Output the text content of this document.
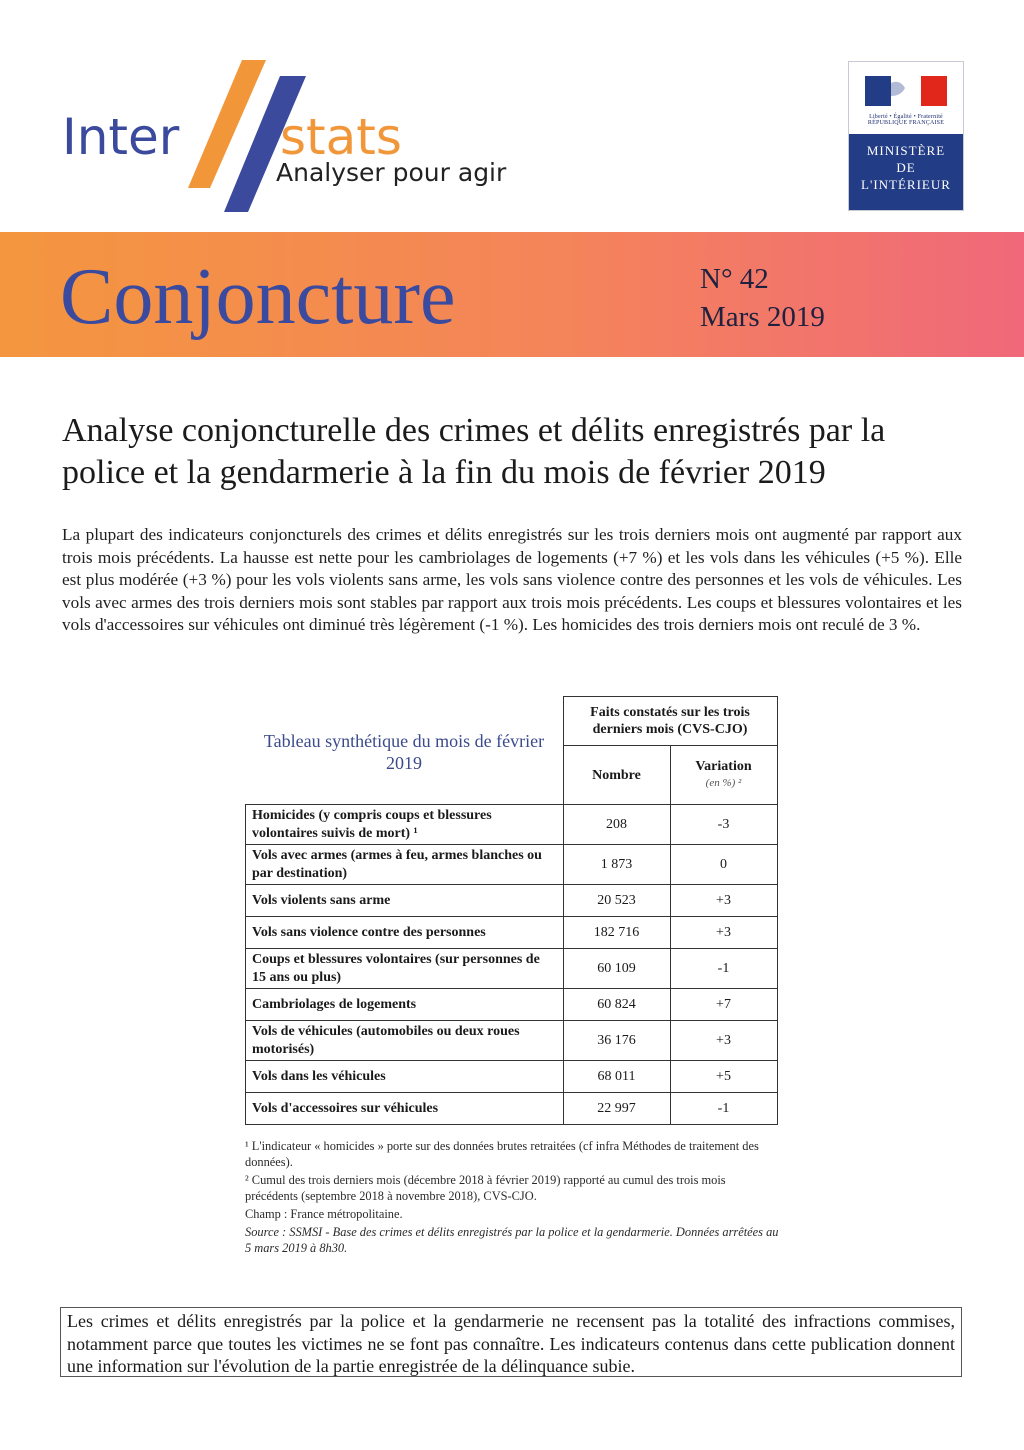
Inter stats
Analyser pour agir
Liberté • Égalité • Fraternité
RÉPUBLIQUE FRANÇAISE
MINISTÈRE
DE
L'INTÉRIEUR
Conjoncture	N° 42
Mars 2019
Analyse conjoncturelle des crimes et délits enregistrés par la police et la gendarmerie à la fin du mois de février 2019
La plupart des indicateurs conjoncturels des crimes et délits enregistrés sur les trois derniers mois ont augmenté par rapport aux trois mois précédents. La hausse est nette pour les cambriolages de logements (+7 %) et les vols dans les véhicules (+5 %). Elle est plus modérée (+3 %) pour les vols violents sans arme, les vols sans violence contre des personnes et les vols de véhicules. Les vols avec armes des trois derniers mois sont stables par rapport aux trois mois précédents. Les coups et blessures volontaires et les vols d'accessoires sur véhicules ont diminué très légèrement (-1 %). Les homicides des trois derniers mois ont reculé de 3 %.
Tableau synthétique du mois de février 2019
	Faits constatés sur les trois derniers mois (CVS-CJO)	
	Nombre	Variation
(en %) ²

Homicides (y compris coups et blessures volontaires suivis de mort) ¹	208	-3
Vols avec armes (armes à feu, armes blanches ou par destination)	1 873	0
Vols violents sans arme	20 523	+3
Vols sans violence contre des personnes	182 716	+3
Coups et blessures volontaires (sur personnes de 15 ans ou plus)	60 109	-1
Cambriolages de logements	60 824	+7
Vols de véhicules (automobiles ou deux roues motorisés)	36 176	+3
Vols dans les véhicules	68 011	+5
Vols d'accessoires sur véhicules	22 997	-1

¹ L'indicateur « homicides » porte sur des données brutes retraitées (cf infra Méthodes de traitement des données).

² Cumul des trois derniers mois (décembre 2018 à février 2019) rapporté au cumul des trois mois précédents (septembre 2018 à novembre 2018), CVS-CJO.

Champ : France métropolitaine.

Source : SSMSI - Base des crimes et délits enregistrés par la police et la gendarmerie. Données arrêtées au 5 mars 2019 à 8h30.

Les crimes et délits enregistrés par la police et la gendarmerie ne recensent pas la totalité des infractions commises, notamment parce que toutes les victimes ne se font pas connaître. Les indicateurs contenus dans cette publication donnent une information sur l'évolution de la partie enregistrée de la délinquance subie.
